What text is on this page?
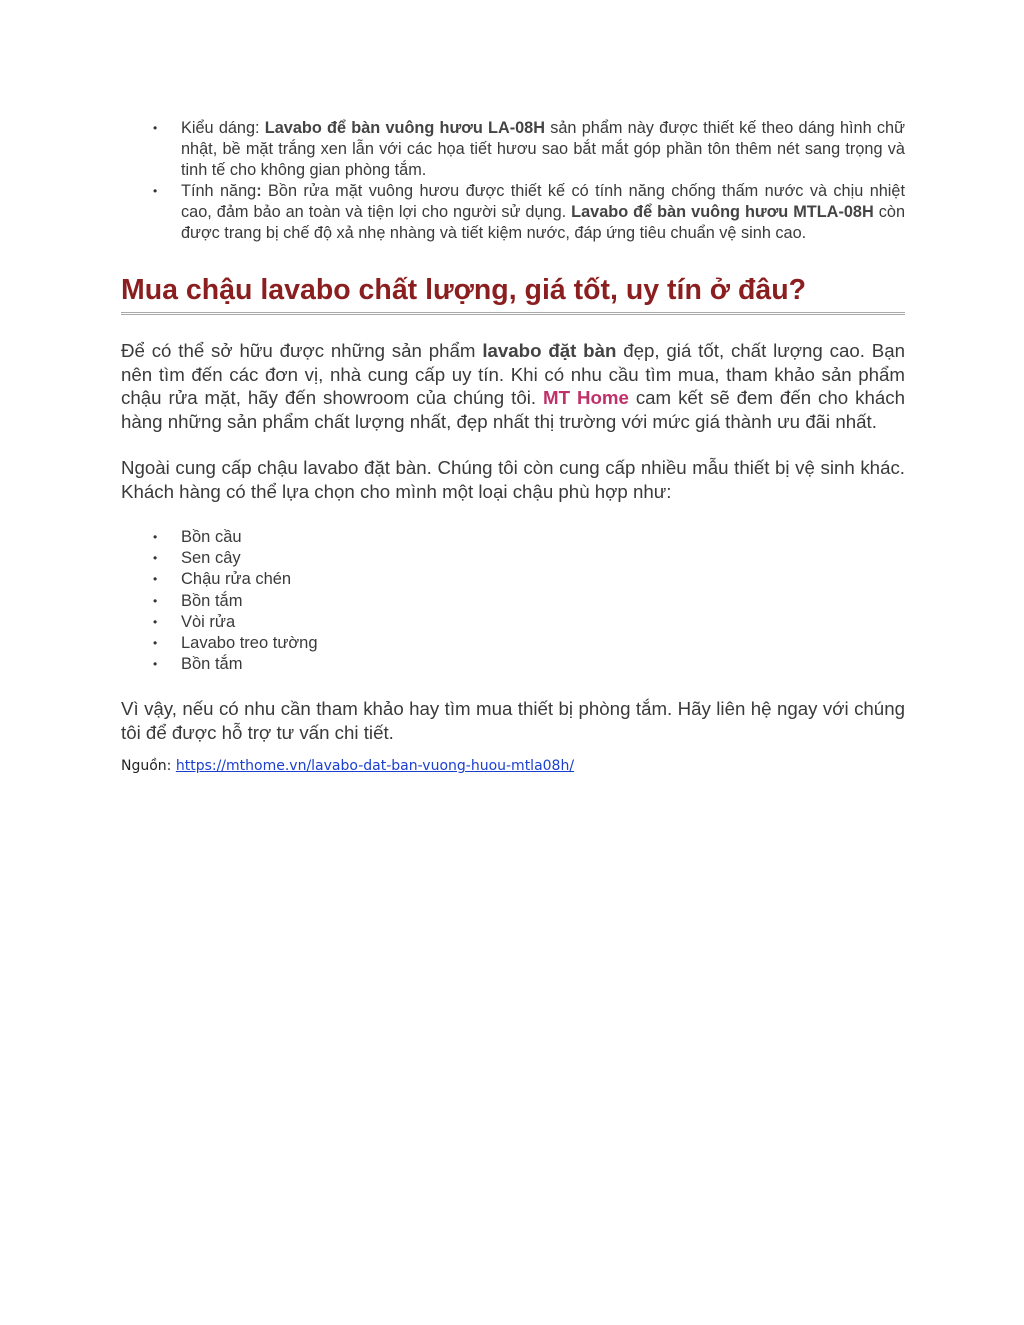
• Kiểu dáng: Lavabo để bàn vuông hươu LA-08H sản phẩm này được thiết kế theo dáng hình chữ nhật, bề mặt trắng xen lẫn với các họa tiết hươu sao bắt mắt góp phần tôn thêm nét sang trọng và tinh tế cho không gian phòng tắm.
• Tính năng: Bồn rửa mặt vuông hươu được thiết kế có tính năng chống thấm nước và chịu nhiệt cao, đảm bảo an toàn và tiện lợi cho người sử dụng. Lavabo để bàn vuông hươu MTLA-08H còn được trang bị chế độ xả nhẹ nhàng và tiết kiệm nước, đáp ứng tiêu chuẩn vệ sinh cao.
Mua chậu lavabo chất lượng, giá tốt, uy tín ở đâu?

Để có thể sở hữu được những sản phẩm lavabo đặt bàn đẹp, giá tốt, chất lượng cao. Bạn nên tìm đến các đơn vị, nhà cung cấp uy tín. Khi có nhu cầu tìm mua, tham khảo sản phẩm chậu rửa mặt, hãy đến showroom của chúng tôi. MT Home cam kết sẽ đem đến cho khách hàng những sản phẩm chất lượng nhất, đẹp nhất thị trường với mức giá thành ưu đãi nhất.

Ngoài cung cấp chậu lavabo đặt bàn. Chúng tôi còn cung cấp nhiều mẫu thiết bị vệ sinh khác. Khách hàng có thể lựa chọn cho mình một loại chậu phù hợp như:

• Bồn cầu
• Sen cây
• Chậu rửa chén
• Bồn tắm
• Vòi rửa
• Lavabo treo tường
• Bồn tắm

Vì vậy, nếu có nhu cần tham khảo hay tìm mua thiết bị phòng tắm. Hãy liên hệ ngay với chúng tôi để được hỗ trợ tư vấn chi tiết.

Nguồn: https://mthome.vn/lavabo-dat-ban-vuong-huou-mtla08h/
